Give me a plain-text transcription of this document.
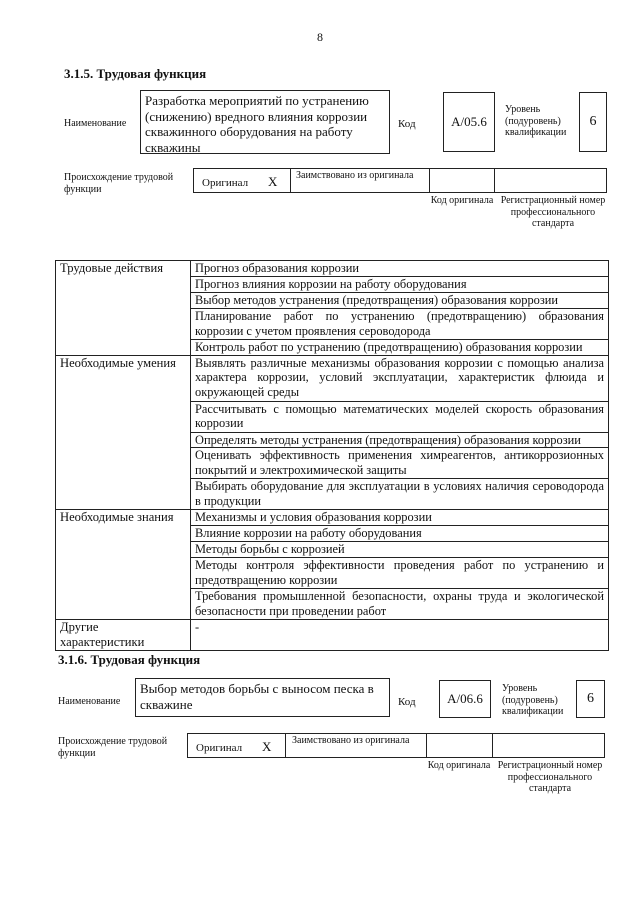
8
3.1.5. Трудовая функция
Наименование
Разработка мероприятий по устранению (снижению) вредного влияния коррозии скважинного оборудования на работу скважины
Код	А/05.6
Уровень (подуровень) квалификации
6
Происхождение трудовой функции	Оригинал X Заимствовано из оригинала
Код оригинала Регистрационный номер профессионального стандарта
Трудовые действия	Прогноз образования коррозии
	Прогноз влияния коррозии на работу оборудования
	Выбор методов устранения (предотвращения) образования коррозии
	Планирование работ по устранению (предотвращению) образования коррозии с учетом проявления сероводорода
	Контроль работ по устранению (предотвращению) образования коррозии
Необходимые умения	Выявлять различные механизмы образования коррозии с помощью анализа характера коррозии, условий эксплуатации, характеристик флюида и окружающей среды
	Рассчитывать с помощью математических моделей скорость образования коррозии
	Определять методы устранения (предотвращения) образования коррозии
	Оценивать эффективность применения химреагентов, антикоррозионных покрытий и электрохимической защиты
	Выбирать оборудование для эксплуатации в условиях наличия сероводорода в продукции
Необходимые знания	Механизмы и условия образования коррозии
	Влияние коррозии на работу оборудования
	Методы борьбы с коррозией
	Методы контроля эффективности проведения работ по устранению и предотвращению коррозии
	Требования промышленной безопасности, охраны труда и экологической безопасности при проведении работ
Другие характеристики	-
3.1.6. Трудовая функция
Наименование
Выбор методов борьбы с выносом песка в скважине	Код	А/06.6
Уровень (подуровень) квалификации
6
Происхождение трудовой функции	Оригинал X Заимствовано из оригинала
Код оригинала Регистрационный номер профессионального стандарта
